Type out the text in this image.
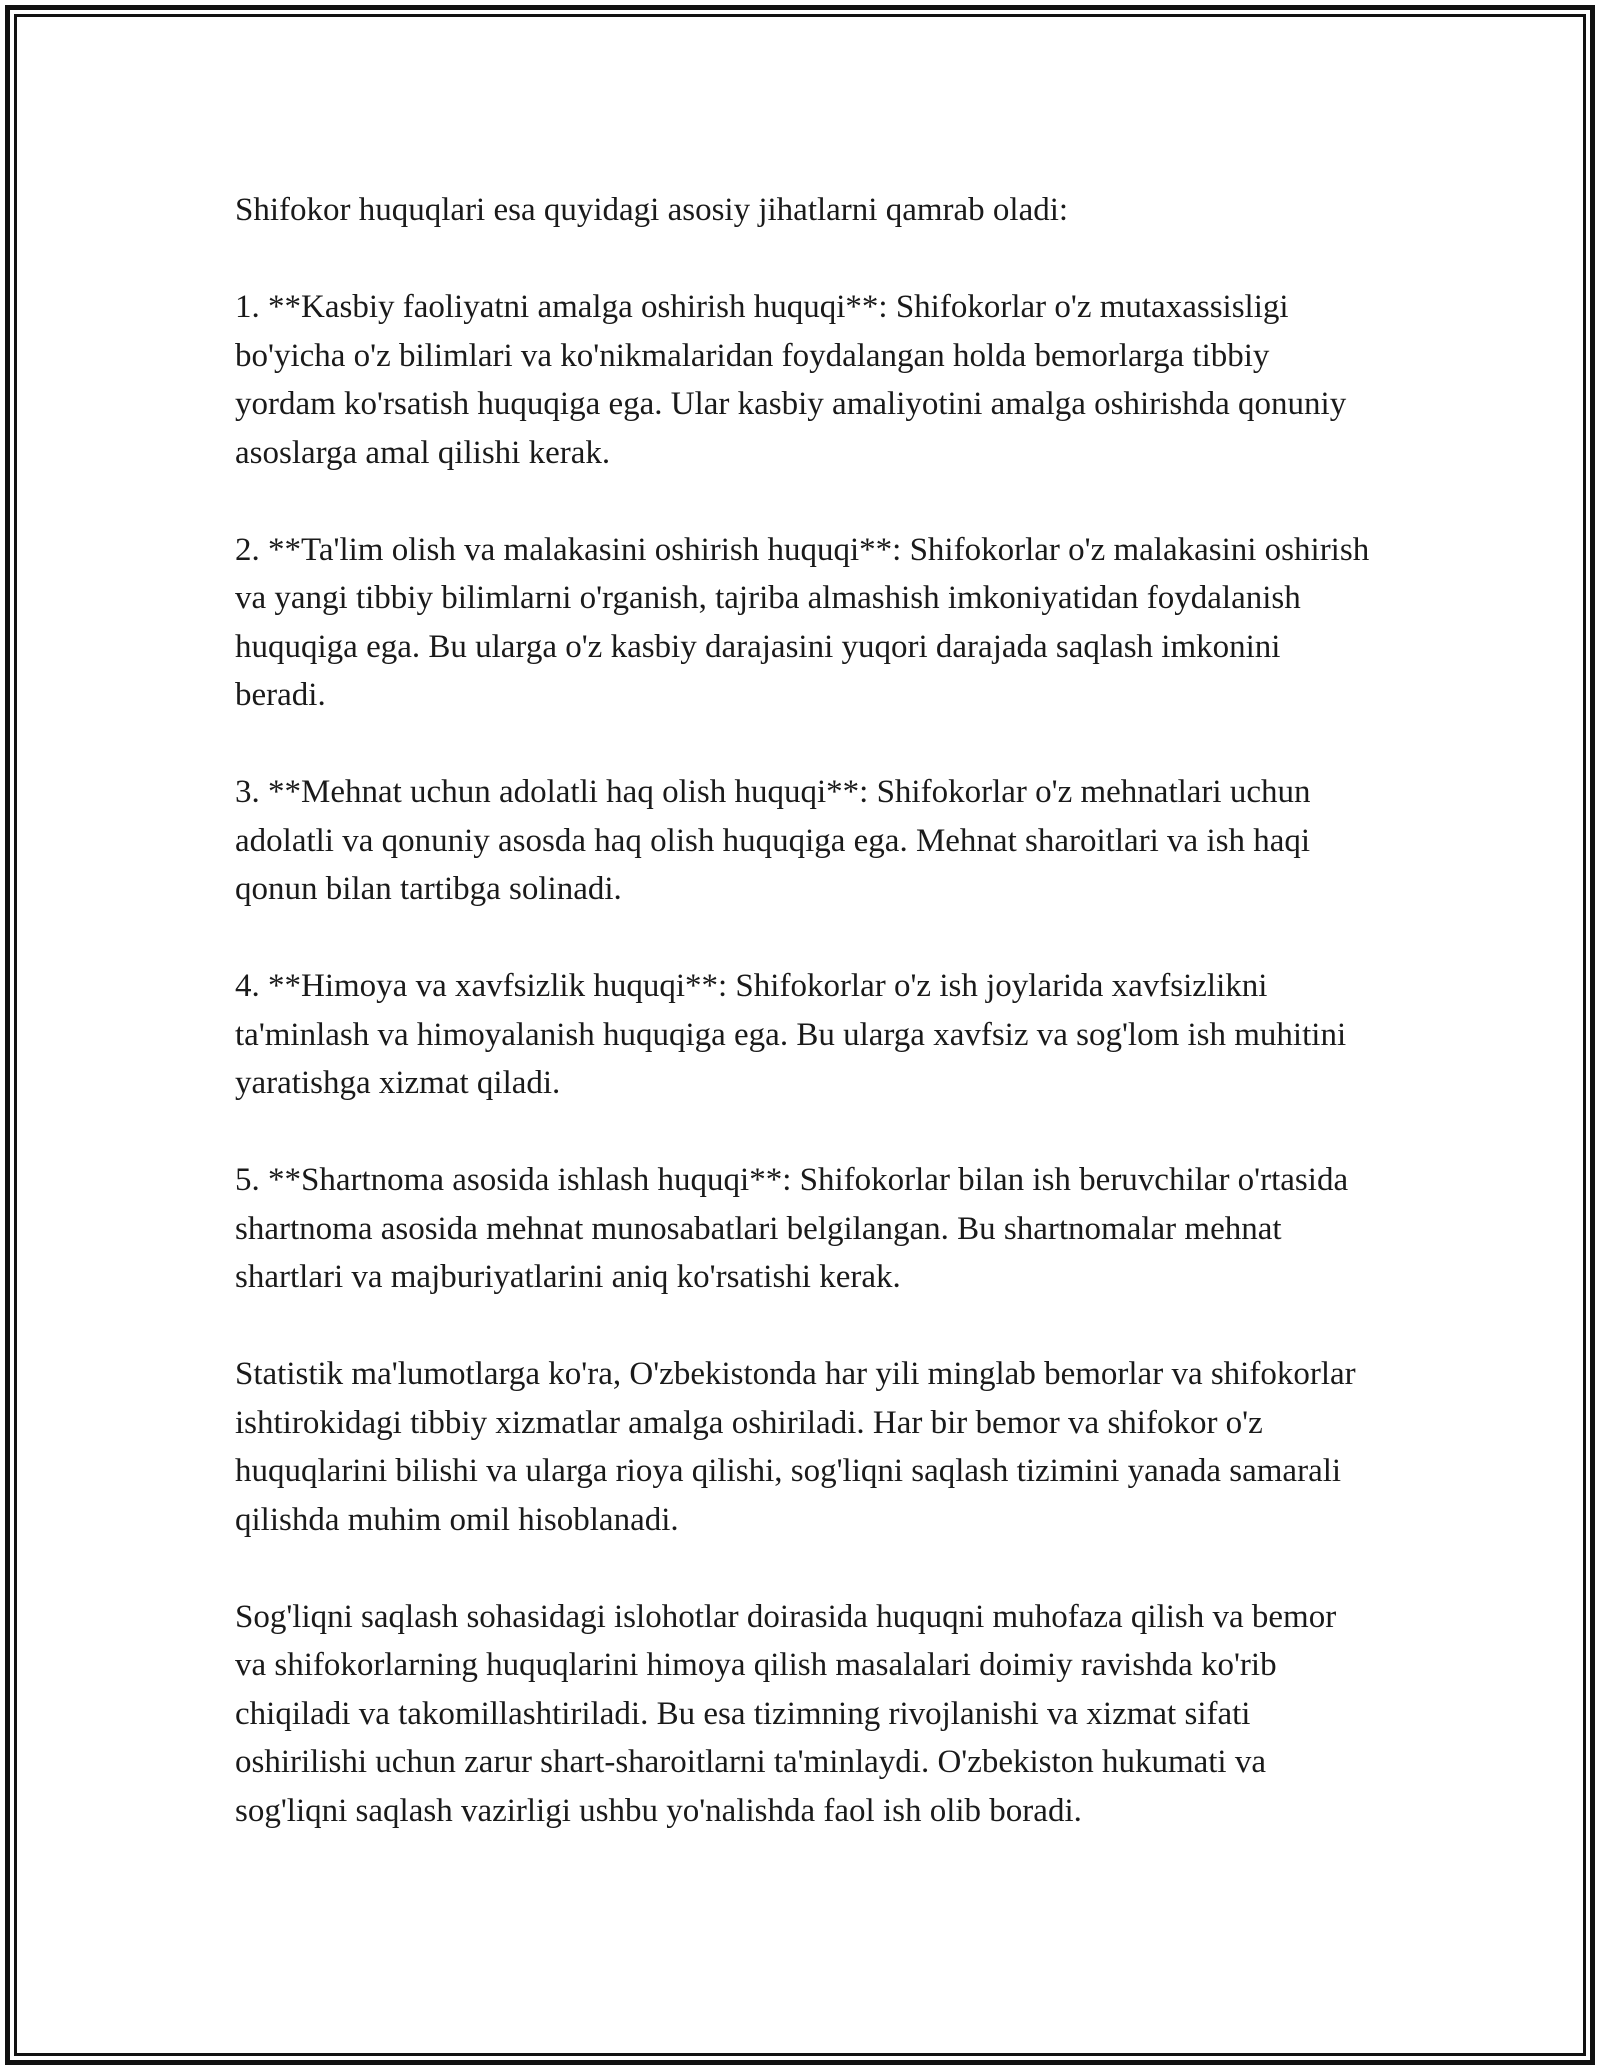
Shifokor huquqlari esa quyidagi asosiy jihatlarni qamrab oladi:

1. **Kasbiy faoliyatni amalga oshirish huquqi**: Shifokorlar o'z mutaxassisligi bo'yicha o'z bilimlari va ko'nikmalaridan foydalangan holda bemorlarga tibbiy yordam ko'rsatish huquqiga ega. Ular kasbiy amaliyotini amalga oshirishda qonuniy asoslarga amal qilishi kerak.

2. **Ta'lim olish va malakasini oshirish huquqi**: Shifokorlar o'z malakasini oshirish va yangi tibbiy bilimlarni o'rganish, tajriba almashish imkoniyatidan foydalanish huquqiga ega. Bu ularga o'z kasbiy darajasini yuqori darajada saqlash imkonini beradi.

3. **Mehnat uchun adolatli haq olish huquqi**: Shifokorlar o'z mehnatlari uchun adolatli va qonuniy asosda haq olish huquqiga ega. Mehnat sharoitlari va ish haqi qonun bilan tartibga solinadi.

4. **Himoya va xavfsizlik huquqi**: Shifokorlar o'z ish joylarida xavfsizlikni ta'minlash va himoyalanish huquqiga ega. Bu ularga xavfsiz va sog'lom ish muhitini yaratishga xizmat qiladi.

5. **Shartnoma asosida ishlash huquqi**: Shifokorlar bilan ish beruvchilar o'rtasida shartnoma asosida mehnat munosabatlari belgilangan. Bu shartnomalar mehnat shartlari va majburiyatlarini aniq ko'rsatishi kerak.

Statistik ma'lumotlarga ko'ra, O'zbekistonda har yili minglab bemorlar va shifokorlar ishtirokidagi tibbiy xizmatlar amalga oshiriladi. Har bir bemor va shifokor o'z huquqlarini bilishi va ularga rioya qilishi, sog'liqni saqlash tizimini yanada samarali qilishda muhim omil hisoblanadi.

Sog'liqni saqlash sohasidagi islohotlar doirasida huquqni muhofaza qilish va bemor va shifokorlarning huquqlarini himoya qilish masalalari doimiy ravishda ko'rib chiqiladi va takomillashtiriladi. Bu esa tizimning rivojlanishi va xizmat sifati oshirilishi uchun zarur shart-sharoitlarni ta'minlaydi. O'zbekiston hukumati va sog'liqni saqlash vazirligi ushbu yo'nalishda faol ish olib boradi.
